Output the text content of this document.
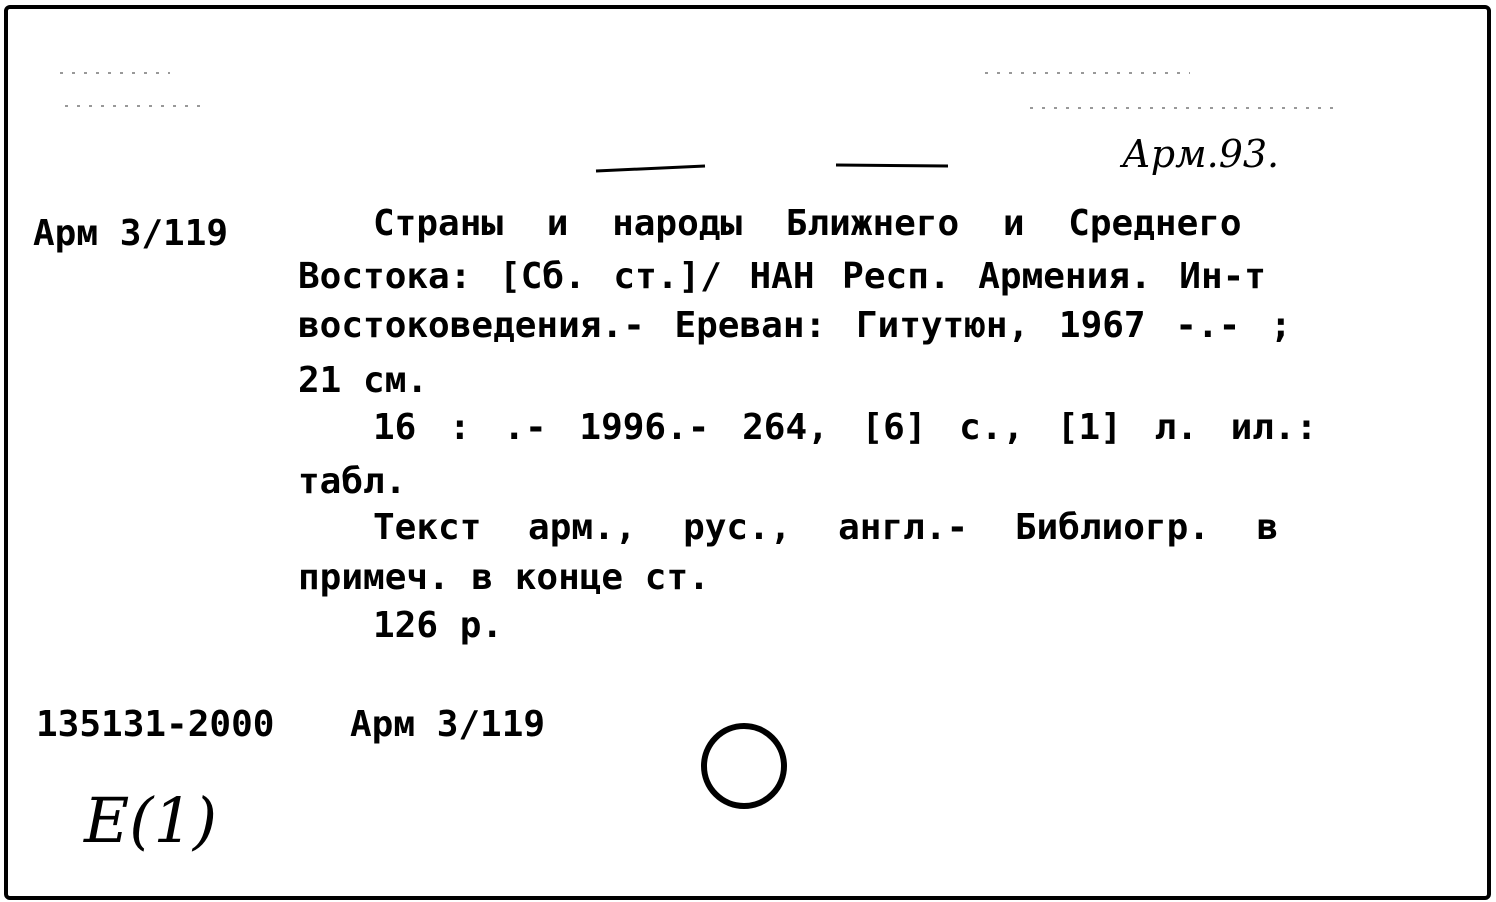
Арм.93.
Арм 3/119	Страны и народы Ближнего и Среднего
Востока: [Сб. ст.]/ НАН Респ. Армения. Ин-т
востоковедения.- Ереван: Гитутюн, 1967 -.- ;
21 см.
16 : .- 1996.- 264, [6] с., [1] л. ил.:
табл.
Текст арм., рус., англ.- Библиогр. в
примеч. в конце ст.
126 р.
135131-2000 Арм 3/119
E(1)
